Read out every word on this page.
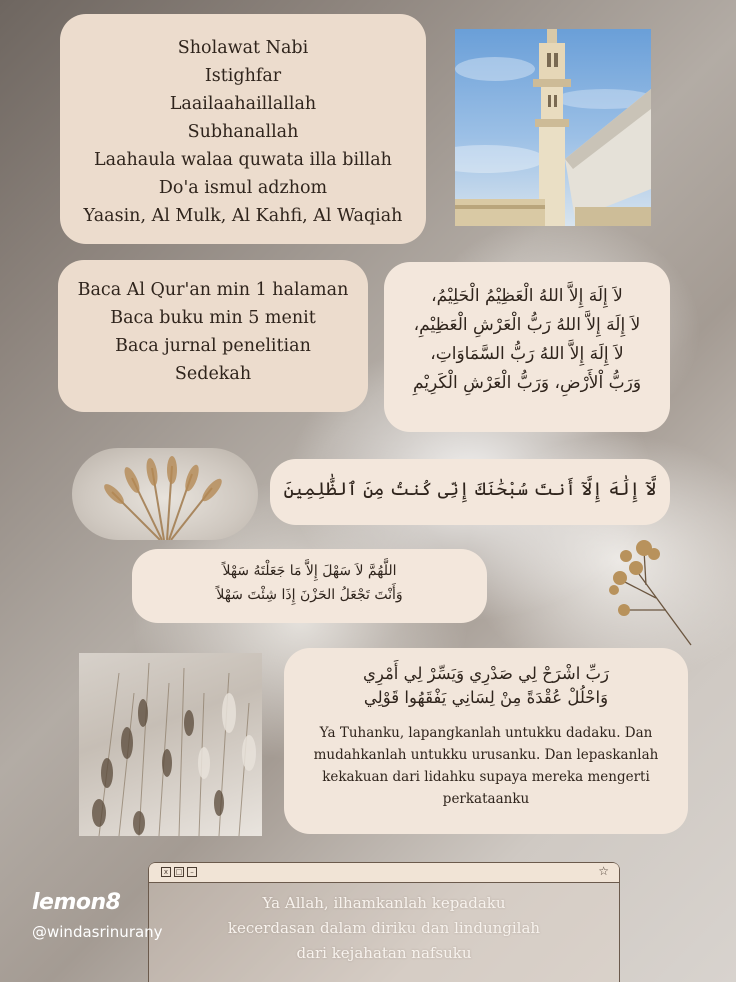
Sholawat Nabi
Istighfar
Laailaahaillallah
Subhanallah
Laahaula walaa quwata illa billah
Do'a ismul adzhom
Yaasin, Al Mulk, Al Kahfi, Al Waqiah
Baca Al Qur'an min 1 halaman
Baca buku min 5 menit
Baca jurnal penelitian
Sedekah
لاَ إِلَهَ إِلاَّ اللهُ الْعَظِيْمُ الْحَلِيْمُ،
لاَ إِلَهَ إِلاَّ اللهُ رَبُّ الْعَرْشِ الْعَظِيْمِ،
لاَ إِلَهَ إِلاَّ اللهُ رَبُّ السَّمَاوَاتِ،
وَرَبُّ اْلأَرْضِ، وَرَبُّ الْعَرْشِ الْكَرِيْمِ
لَّآ إِلَٰهَ إِلَّآ أَنتَ سُبْحَٰنَكَ إِنِّى كُنتُ مِنَ ٱلظَّٰلِمِينَ
اللَّهُمَّ لاَ سَهْلَ إِلاَّ مَا جَعَلْتَهُ سَهْلاً
وَأَنْتَ تَجْعَلُ الحَزْنَ إِذَا شِئْتَ سَهْلاً
رَبِّ اشْرَحْ لِي صَدْرِي وَيَسِّرْ لِي أَمْرِي
وَاحْلُلْ عُقْدَةً مِنْ لِسَانِي يَفْقَهُوا قَوْلِي
Ya Tuhanku, lapangkanlah untukku dadaku. Dan mudahkanlah untukku urusanku. Dan lepaskanlah kekakuan dari lidahku supaya mereka mengerti perkataanku
x	□	–	☆
Ya Allah, ilhamkanlah kepadaku
kecerdasan dalam diriku dan lindungilah
dari kejahatan nafsuku
lemon8
@windasrinurany
